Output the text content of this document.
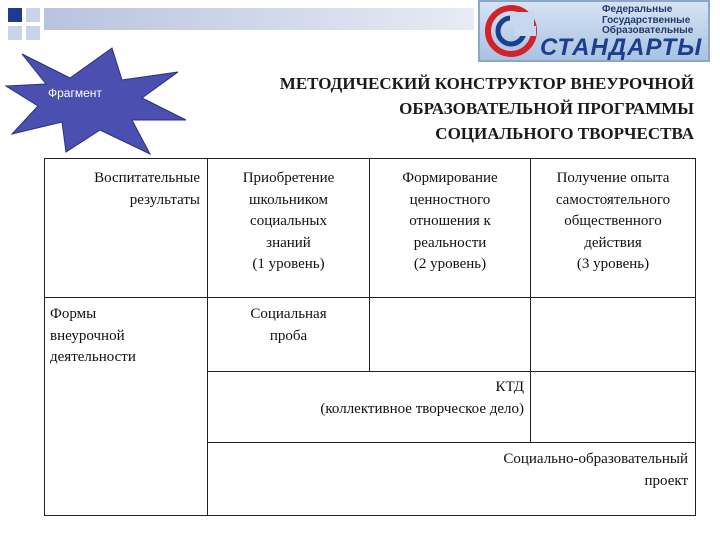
Федеральные
Государственные
Образовательные
СТАНДАРТЫ
Фрагмент	МЕТОДИЧЕСКИЙ КОНСТРУКТОР ВНЕУРОЧНОЙ
ОБРАЗОВАТЕЛЬНОЙ ПРОГРАММЫ
СОЦИАЛЬНОГО ТВОРЧЕСТВА
Воспитательные
результаты
Приобретение
школьником
социальных
знаний
(1 уровень)
Формирование
ценностного
отношения к
реальности
(2 уровень)
Получение опыта
самостоятельного
общественного
действия
(3 уровень)
Формы
внеурочной
деятельности
Социальная
проба
КТД
(коллективное творческое дело)
Социально-образовательный
проект
